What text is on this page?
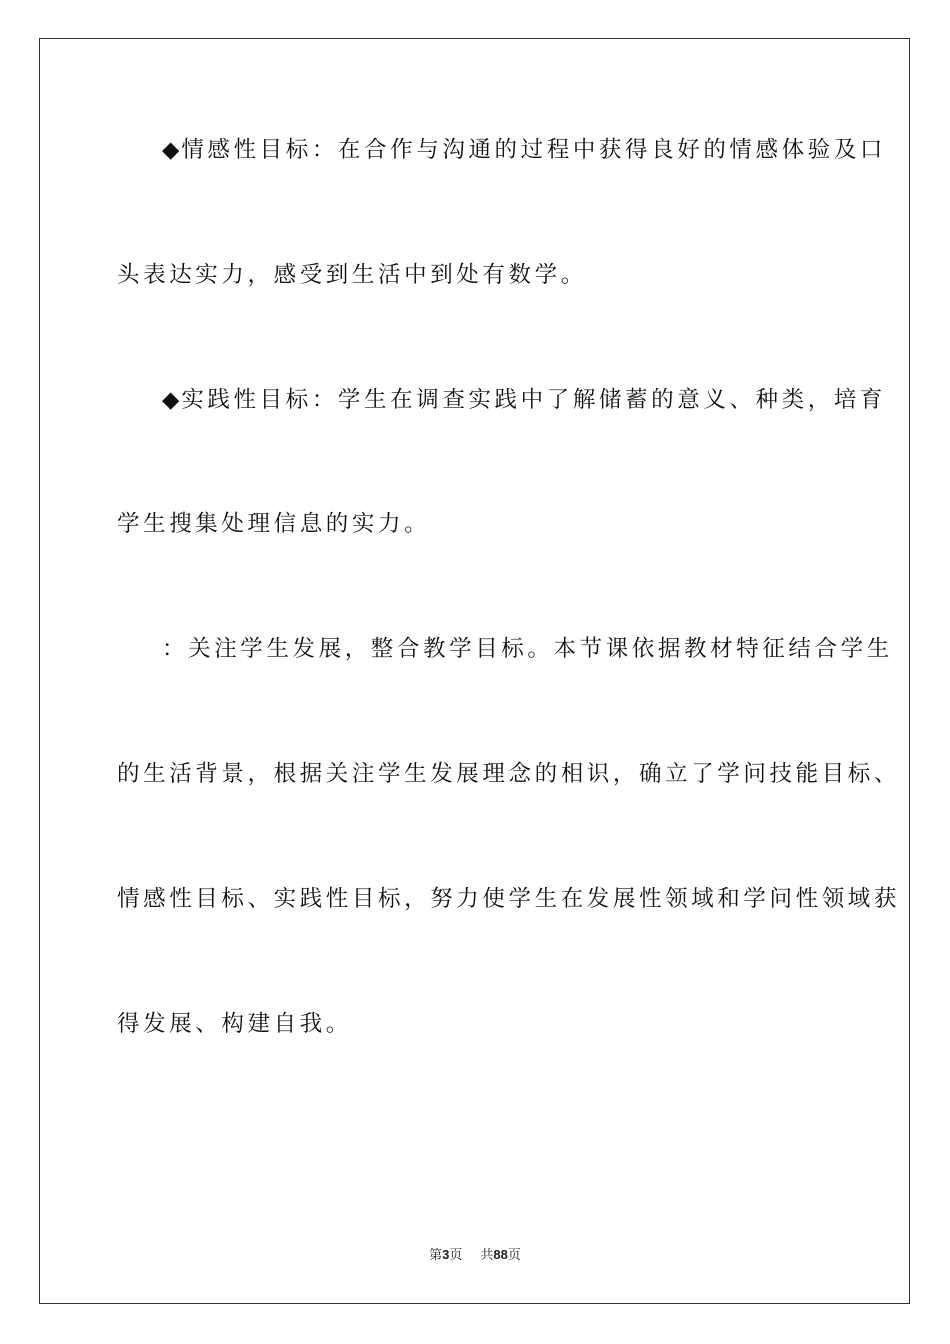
◆情感性目标：在合作与沟通的过程中获得良好的情感体验及口
头表达实力，感受到生活中到处有数学。
◆实践性目标：学生在调查实践中了解储蓄的意义、种类，培育
学生搜集处理信息的实力。
：关注学生发展，整合教学目标。本节课依据教材特征结合学生
的生活背景，根据关注学生发展理念的相识，确立了学问技能目标、
情感性目标、实践性目标，努力使学生在发展性领域和学问性领域获
得发展、构建自我。
第3页 共88页
